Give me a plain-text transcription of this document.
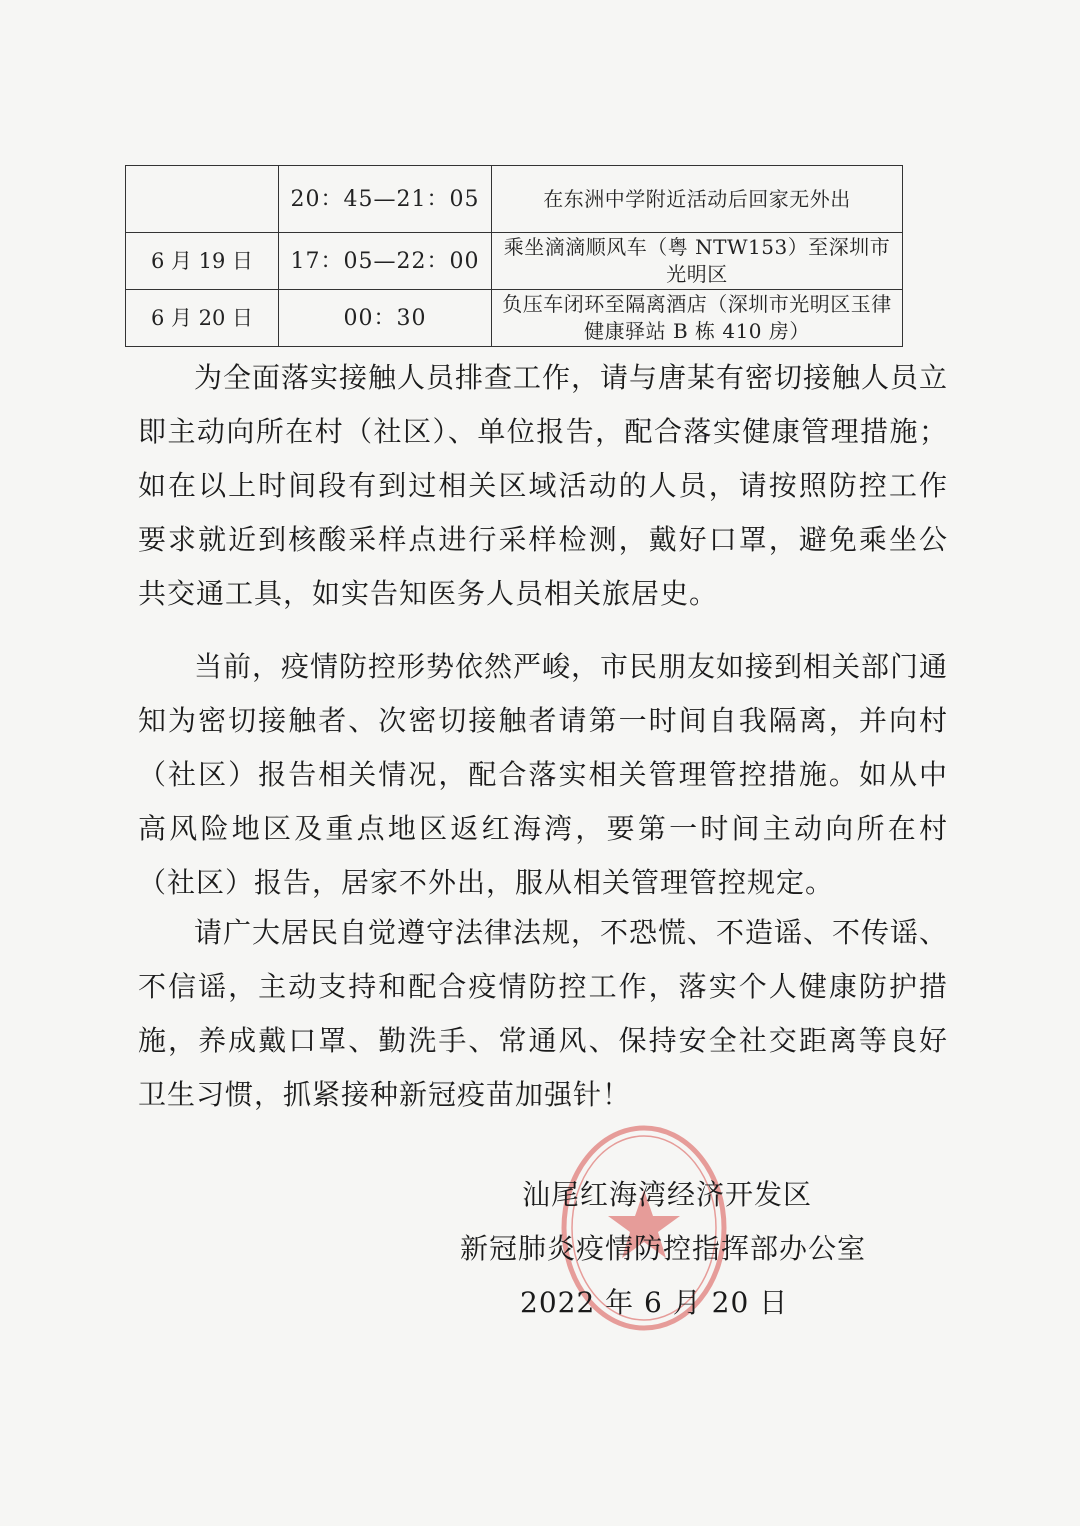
	20：45—21：05	在东洲中学附近活动后回家无外出
6 月 19 日	17：05—22：00	乘坐滴滴顺风车（粤 NTW153）至深圳市光明区
6 月 20 日	00：30	负压车闭环至隔离酒店（深圳市光明区玉律健康驿站 B 栋 410 房）

为全面落实接触人员排查工作，请与唐某有密切接触人员立即主动向所在村（社区）、单位报告，配合落实健康管理措施；如在以上时间段有到过相关区域活动的人员，请按照防控工作要求就近到核酸采样点进行采样检测，戴好口罩，避免乘坐公共交通工具，如实告知医务人员相关旅居史。

当前，疫情防控形势依然严峻，市民朋友如接到相关部门通知为密切接触者、次密切接触者请第一时间自我隔离，并向村（社区）报告相关情况，配合落实相关管理管控措施。如从中高风险地区及重点地区返红海湾，要第一时间主动向所在村（社区）报告，居家不外出，服从相关管理管控规定。

请广大居民自觉遵守法律法规，不恐慌、不造谣、不传谣、不信谣，主动支持和配合疫情防控工作，落实个人健康防护措施，养成戴口罩、勤洗手、常通风、保持安全社交距离等良好卫生习惯，抓紧接种新冠疫苗加强针！

汕尾红海湾经济开发区
新冠肺炎疫情防控指挥部办公室
2022 年 6 月 20 日
